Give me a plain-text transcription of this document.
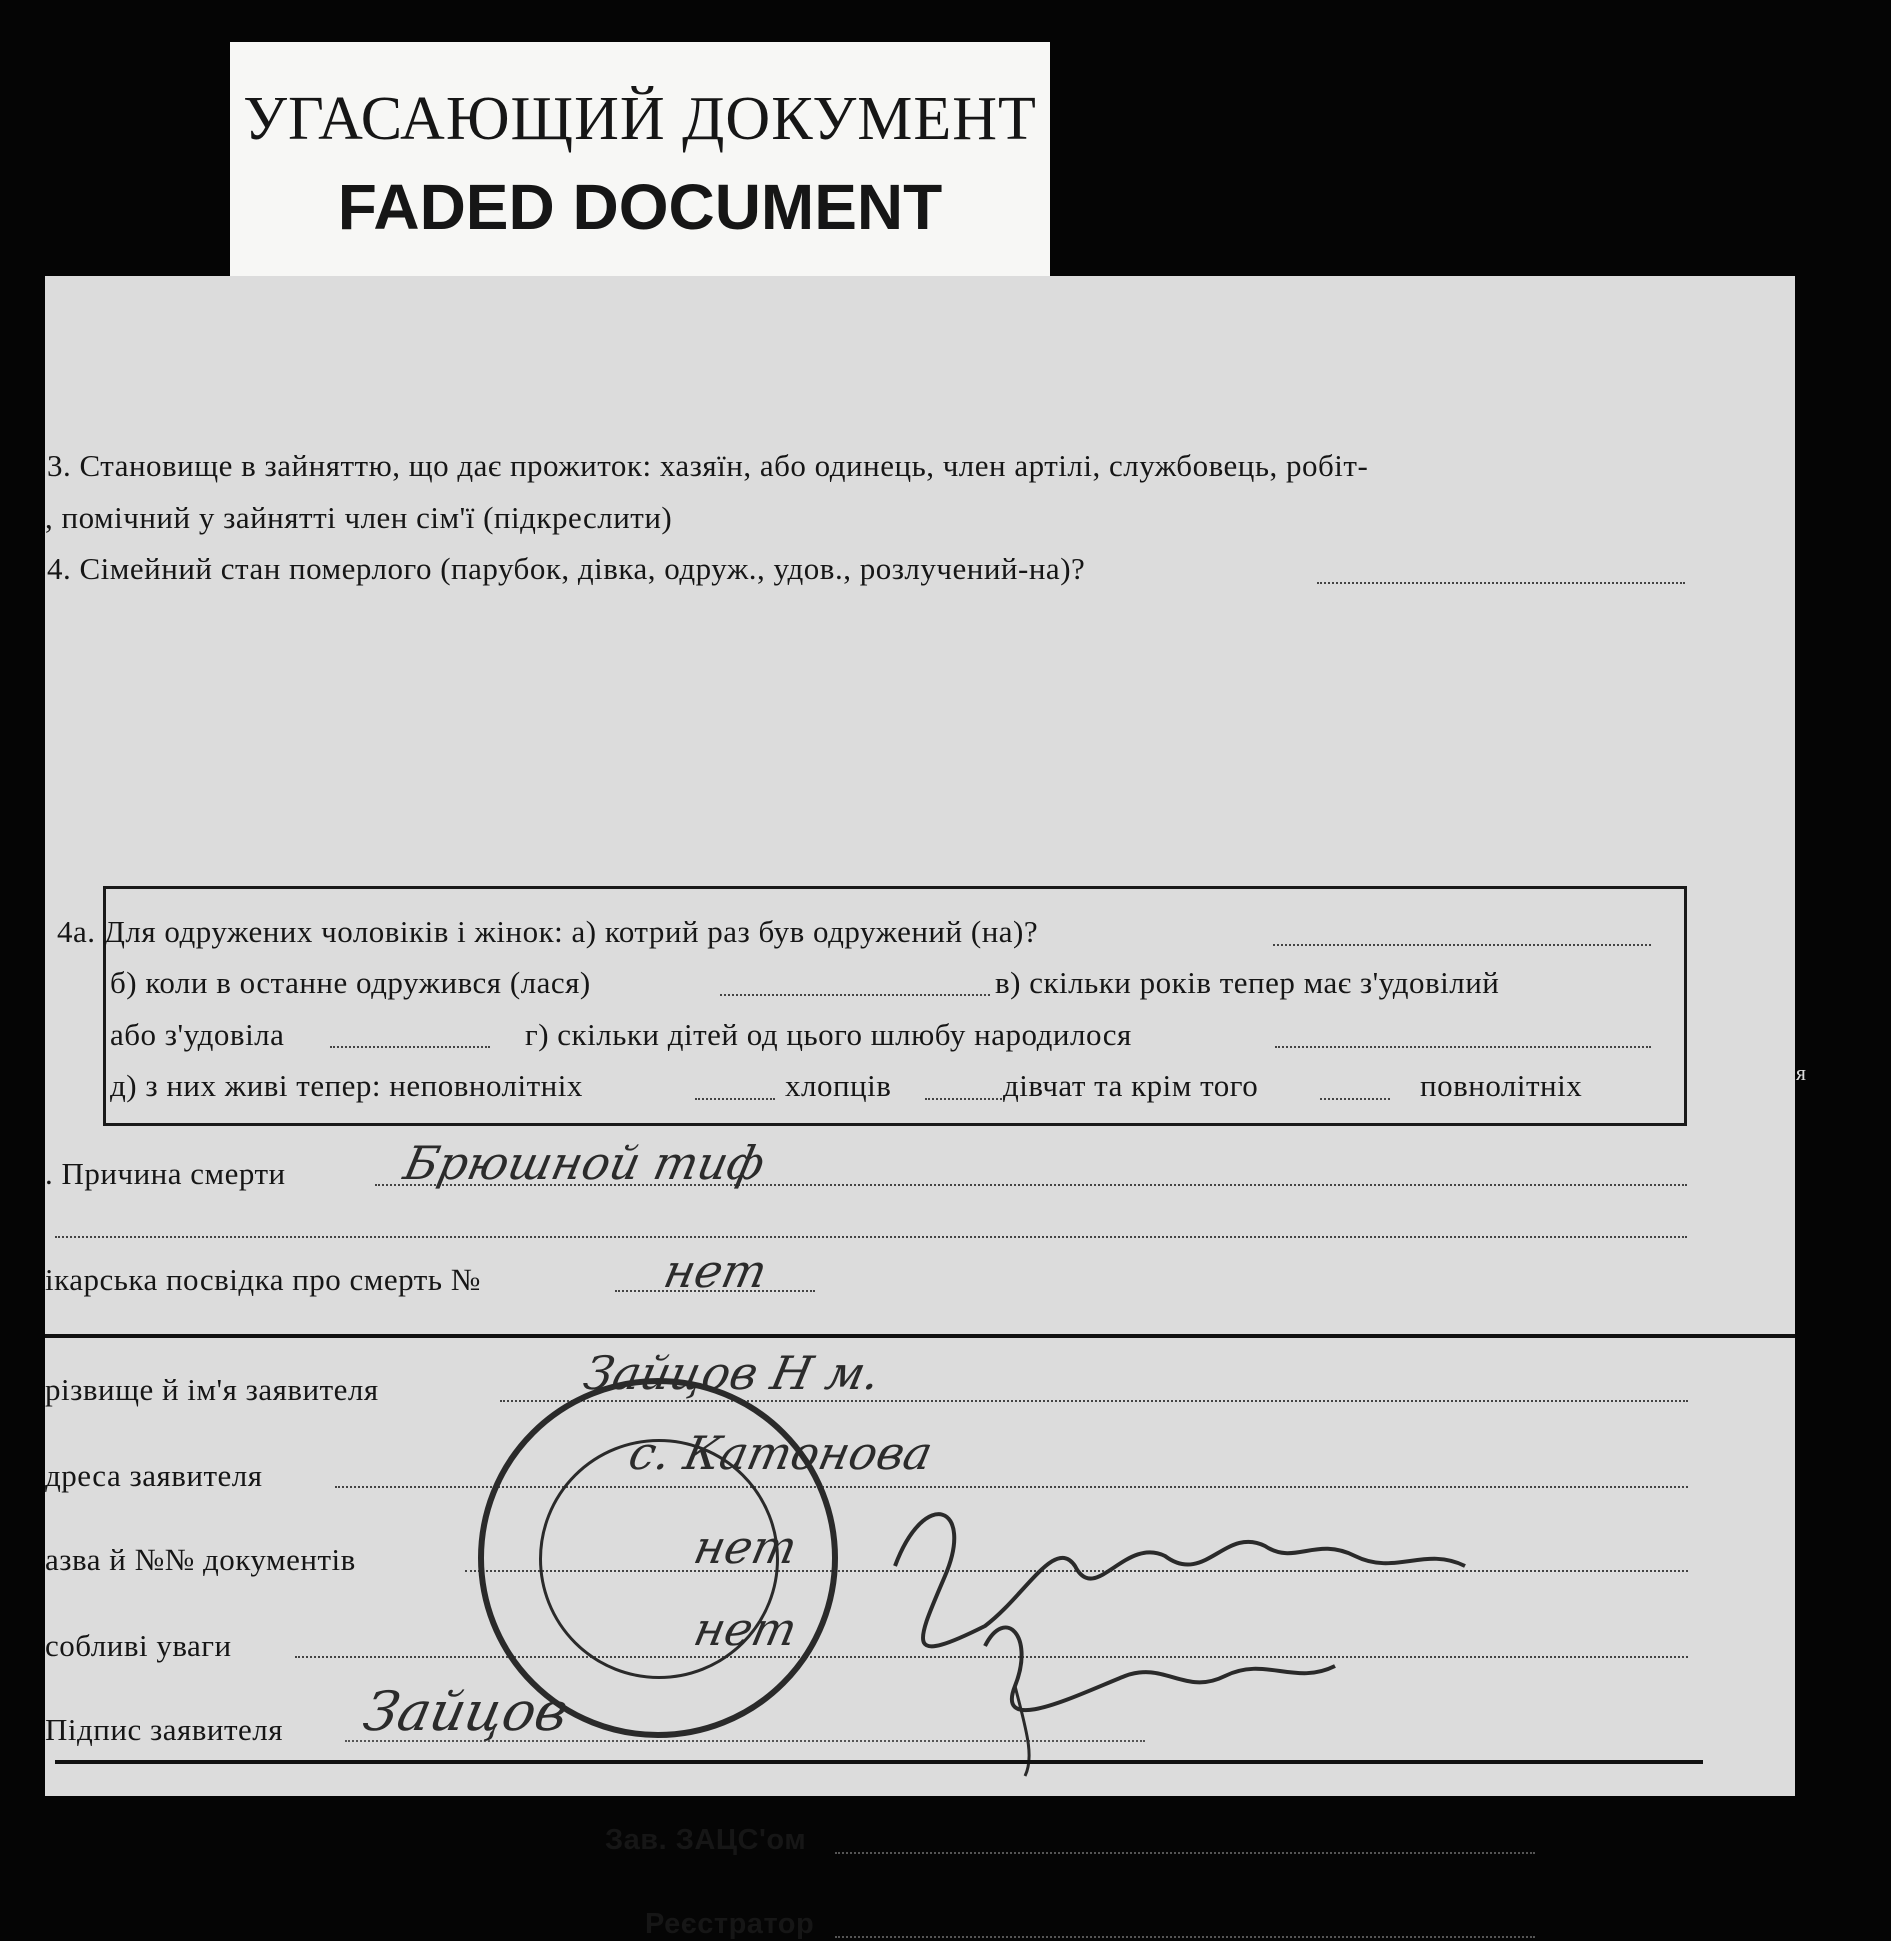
УГАСАЮЩИЙ ДОКУМЕНТ
FADED DOCUMENT
3. Становище в зайняттю, що дає прожиток: хазяїн, або одинець, член артілі, службовець, робіт-
, помічний у зайнятті член сім'ї (підкреслити)
4. Сімейний стан померлого (парубок, дівка, одруж., удов., розлучений-на)?
4а. Для одружених чоловіків і жінок: а) котрий раз був одружений (на)?
б) коли в останне одружився (лася)	в) скільки років тепер має з'удовілий
або з'удовіла	г) скільки дітей од цього шлюбу народилося
д) з них живі тепер: неповнолітніх	хлопців	дівчат та крім того	повнолітніх
. Причина смерти Брюшной тиф
ікарська посвідка про смерть №	нет
різвище й ім'я заявителя	Зайцов Н м.
дреса заявителя	с. Катонова
азва й №№ документів	нет
собливі уваги	нет
Підпис заявителя Зайцов
Зав. ЗАЦС'ом
Реєстратор
чня
